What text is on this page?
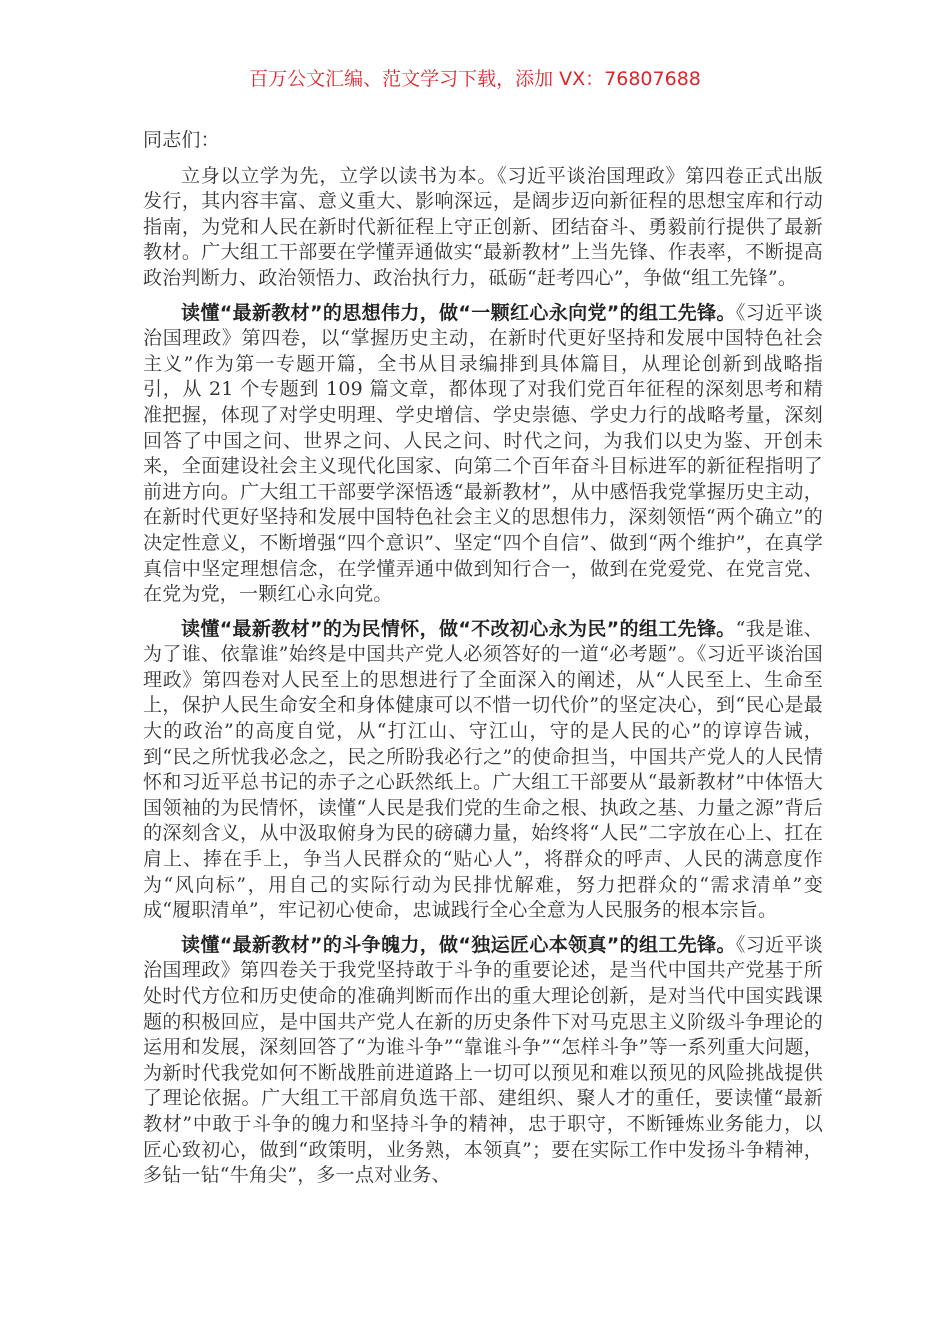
百万公文汇编、范文学习下载，添加 VX：76807688

同志们：

立身以立学为先，立学以读书为本。《习近平谈治国理政》第四卷正式出版发行，其内容丰富、意义重大、影响深远，是阔步迈向新征程的思想宝库和行动指南，为党和人民在新时代新征程上守正创新、团结奋斗、勇毅前行提供了最新教材。广大组工干部要在学懂弄通做实“最新教材”上当先锋、作表率，不断提高政治判断力、政治领悟力、政治执行力，砥砺“赶考四心”，争做“组工先锋”。

读懂“最新教材”的思想伟力，做“一颗红心永向党”的组工先锋。《习近平谈治国理政》第四卷，以“掌握历史主动，在新时代更好坚持和发展中国特色社会主义”作为第一专题开篇，全书从目录编排到具体篇目，从理论创新到战略指引，从 21 个专题到 109 篇文章，都体现了对我们党百年征程的深刻思考和精准把握，体现了对学史明理、学史增信、学史崇德、学史力行的战略考量，深刻回答了中国之问、世界之问、人民之问、时代之问，为我们以史为鉴、开创未来，全面建设社会主义现代化国家、向第二个百年奋斗目标进军的新征程指明了前进方向。广大组工干部要学深悟透“最新教材”，从中感悟我党掌握历史主动，在新时代更好坚持和发展中国特色社会主义的思想伟力，深刻领悟“两个确立”的决定性意义，不断增强“四个意识”、坚定“四个自信”、做到“两个维护”，在真学真信中坚定理想信念，在学懂弄通中做到知行合一，做到在党爱党、在党言党、在党为党，一颗红心永向党。

读懂“最新教材”的为民情怀，做“不改初心永为民”的组工先锋。“我是谁、为了谁、依靠谁”始终是中国共产党人必须答好的一道“必考题”。《习近平谈治国理政》第四卷对人民至上的思想进行了全面深入的阐述，从“人民至上、生命至上，保护人民生命安全和身体健康可以不惜一切代价”的坚定决心，到“民心是最大的政治”的高度自觉，从“打江山、守江山，守的是人民的心”的谆谆告诫，到“民之所忧我必念之，民之所盼我必行之”的使命担当，中国共产党人的人民情怀和习近平总书记的赤子之心跃然纸上。广大组工干部要从“最新教材”中体悟大国领袖的为民情怀，读懂“人民是我们党的生命之根、执政之基、力量之源”背后的深刻含义，从中汲取俯身为民的磅礴力量，始终将“人民”二字放在心上、扛在肩上、捧在手上，争当人民群众的“贴心人”，将群众的呼声、人民的满意度作为“风向标”，用自己的实际行动为民排忧解难，努力把群众的“需求清单”变成“履职清单”，牢记初心使命，忠诚践行全心全意为人民服务的根本宗旨。

读懂“最新教材”的斗争魄力，做“独运匠心本领真”的组工先锋。《习近平谈治国理政》第四卷关于我党坚持敢于斗争的重要论述，是当代中国共产党基于所处时代方位和历史使命的准确判断而作出的重大理论创新，是对当代中国实践课题的积极回应，是中国共产党人在新的历史条件下对马克思主义阶级斗争理论的运用和发展，深刻回答了“为谁斗争”“靠谁斗争”“怎样斗争”等一系列重大问题，为新时代我党如何不断战胜前进道路上一切可以预见和难以预见的风险挑战提供了理论依据。广大组工干部肩负选干部、建组织、聚人才的重任，要读懂“最新教材”中敢于斗争的魄力和坚持斗争的精神，忠于职守，不断锤炼业务能力，以匠心致初心，做到“政策明，业务熟，本领真”；要在实际工作中发扬斗争精神，多钻一钻“牛角尖”，多一点对业务、
